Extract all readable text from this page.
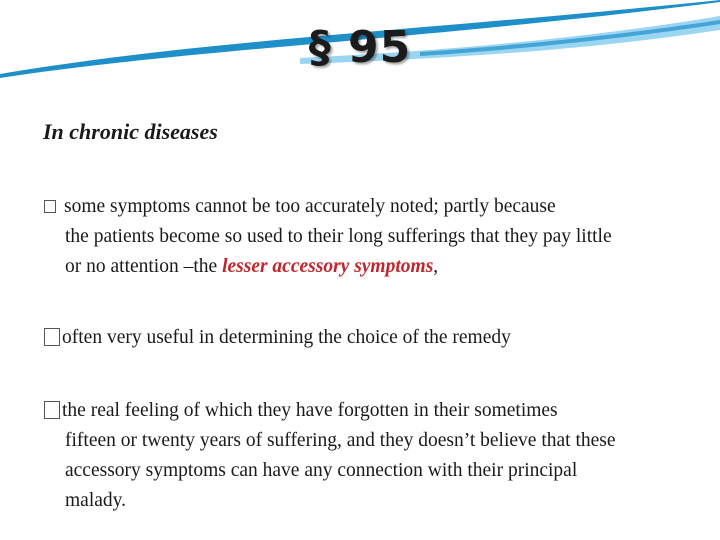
§ 95
In chronic diseases
some symptoms cannot be too accurately noted; partly because
the patients become so used to their long sufferings that they pay little
or no attention –the lesser accessory symptoms,
often very useful in determining the choice of the remedy
the real feeling of which they have forgotten in their sometimes
fifteen or twenty years of suffering, and they doesn’t believe that these
accessory symptoms can have any connection with their principal
malady.
